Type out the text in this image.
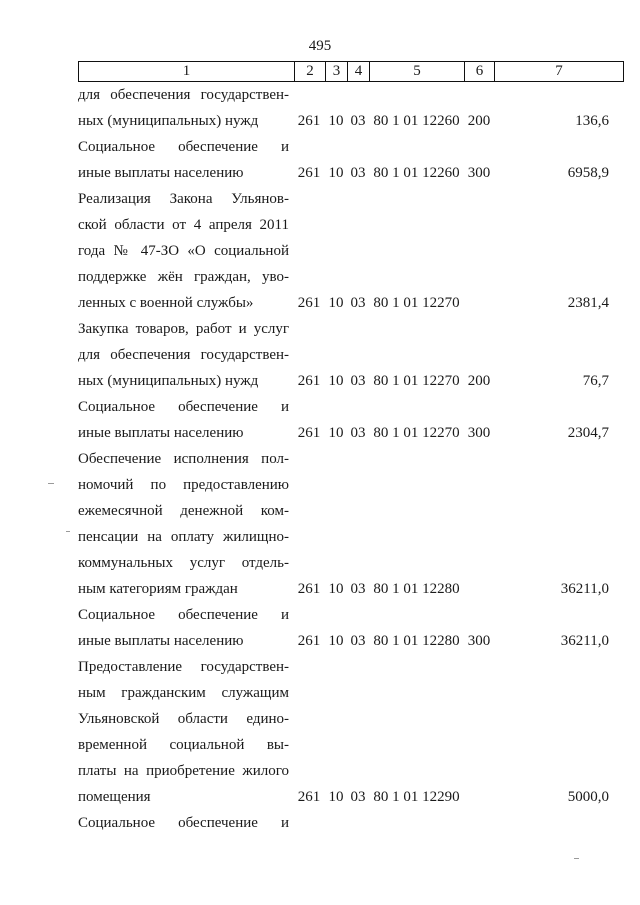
495
1	2	3	4	5	6	7
для обеспечения государствен-
ных (муниципальных) нужд	261 10 03 80 1 01 12260 200	136,6
Социальное обеспечение и
иные выплаты населению	261 10 03 80 1 01 12260 300	6958,9
Реализация Закона Ульянов-
ской области от 4 апреля 2011
года № 47-ЗО «О социальной
поддержке жён граждан, уво-
ленных с военной службы»	261 10 03 80 1 01 12270	2381,4
Закупка товаров, работ и услуг
для обеспечения государствен-
ных (муниципальных) нужд	261 10 03 80 1 01 12270 200	76,7
Социальное обеспечение и
иные выплаты населению	261 10 03 80 1 01 12270 300	2304,7
Обеспечение исполнения пол-
номочий по предоставлению
ежемесячной денежной ком-
пенсации на оплату жилищно-
коммунальных услуг отдель-
ным категориям граждан	261 10 03 80 1 01 12280	36211,0
Социальное обеспечение и
иные выплаты населению	261 10 03 80 1 01 12280 300	36211,0
Предоставление государствен-
ным гражданским служащим
Ульяновской области едино-
временной социальной вы-
платы на приобретение жилого
помещения	261 10 03 80 1 01 12290	5000,0
Социальное обеспечение и
